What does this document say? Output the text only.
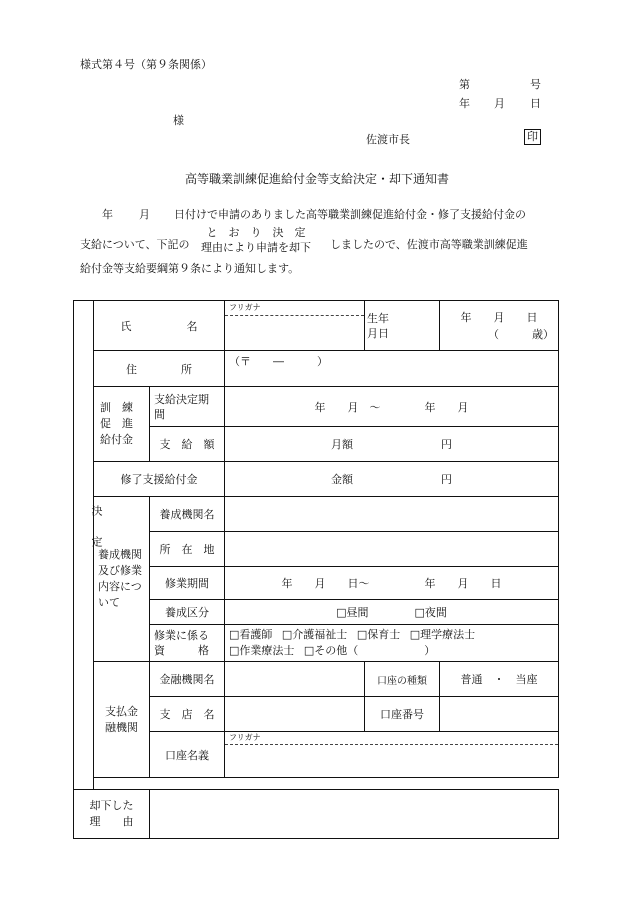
様式第４号（第９条関係）
第	号
年 月 日
様
佐渡市長	印
高等職業訓練促進給付金等支給決定・却下通知書
年 月 日付けで申請のありました高等職業訓練促進給付金・修了支援給付金の
支給について、下記の
と　お　り　決　定
理由により申請を却下	しましたので、佐渡市高等職業訓練促進
給付金等支給要綱第９条により通知します。
決定	氏　　　　　名		フリガナ	生年月日	年　　月　　日
（　　　歳）

	住　　　　所		（〒　　―　　　）		

	訓　練促　進給付金	支給決定期　　間	年　　月　～　　　　年　　月		
		支　給　額	月額　　　　　　　　円		
	修了支援給付金		金額　　　　　　　　円		

	養成機関及び修業内容について	養成機関名			
		所　在　地			
		修業期間	年　　月　　日～　　　　　年　　月　　日		
		養成区分	□昼間 □夜間		

		修業に係る資　　　格	□看護師 □介護福祉士 □保育士 □理学療法士
□作業療法士 □その他（　　　　　　）		

	支払金融機関	金融機関名		口座の種類	普通　・　当座
		支　店　名		口座番号	
		口座名義	フリガナ		

却下した理　　由					
